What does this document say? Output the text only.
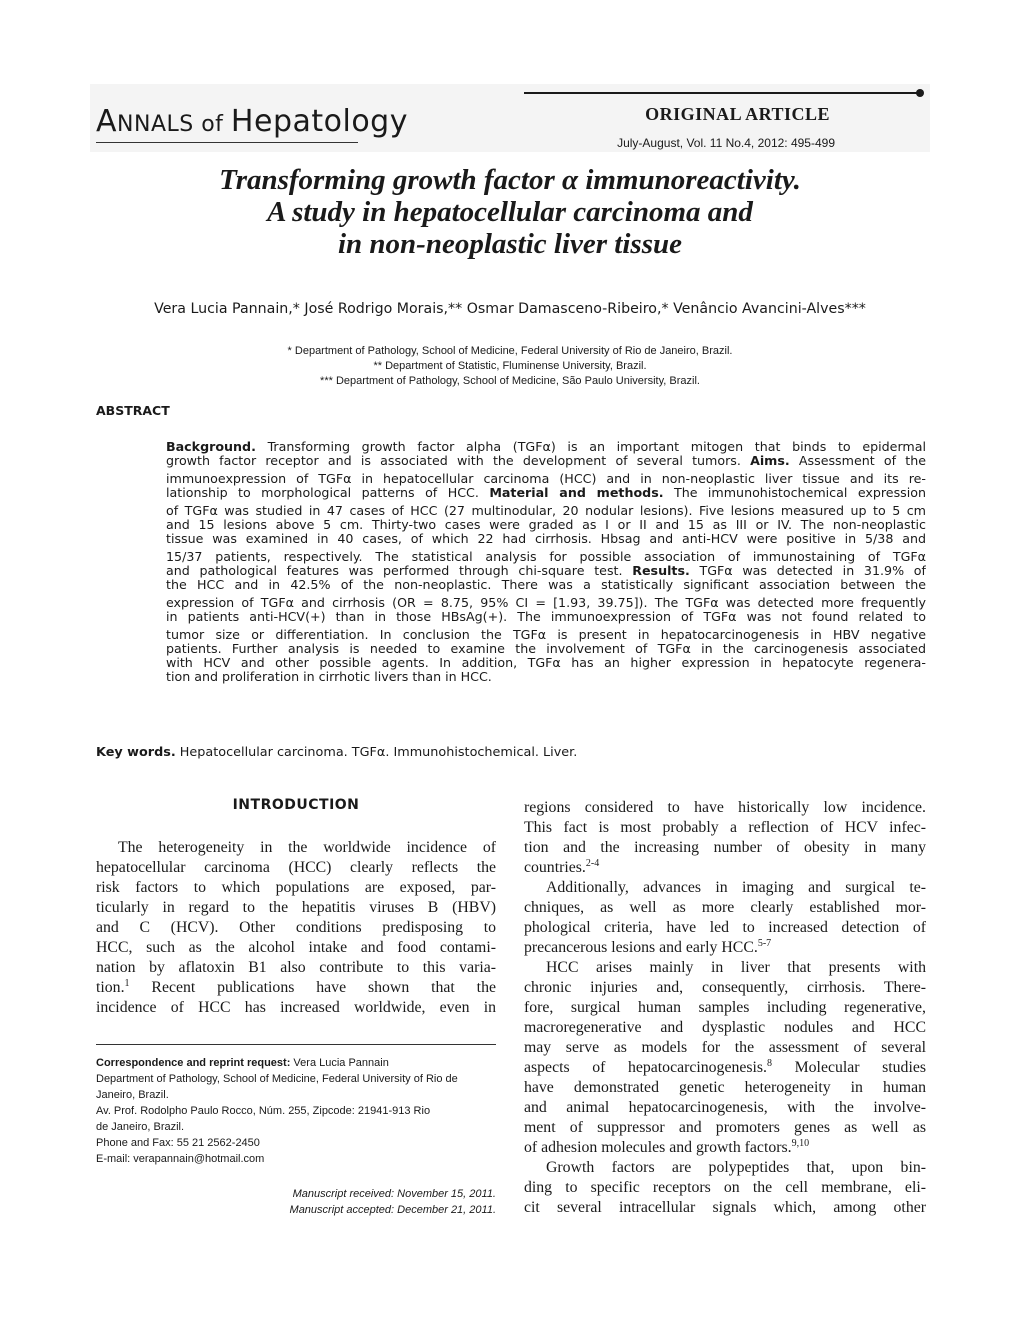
ANNALS of Hepatology	ORIGINAL ARTICLE
July-August, Vol. 11 No.4, 2012: 495-499
Transforming growth factor α immunoreactivity.
A study in hepatocellular carcinoma and
in non-neoplastic liver tissue
Vera Lucia Pannain,* José Rodrigo Morais,** Osmar Damasceno-Ribeiro,* Venâncio Avancini-Alves***
* Department of Pathology, School of Medicine, Federal University of Rio de Janeiro, Brazil.
** Department of Statistic, Fluminense University, Brazil.
*** Department of Pathology, School of Medicine, São Paulo University, Brazil.
ABSTRACT
Background. Transforming growth factor alpha (TGFα) is an important mitogen that binds to epidermal
growth factor receptor and is associated with the development of several tumors. Aims. Assessment of the
immunoexpression of TGFα in hepatocellular carcinoma (HCC) and in non-neoplastic liver tissue and its re-
lationship to morphological patterns of HCC. Material and methods. The immunohistochemical expression
of TGFα was studied in 47 cases of HCC (27 multinodular, 20 nodular lesions). Five lesions measured up to 5 cm
and 15 lesions above 5 cm. Thirty-two cases were graded as I or II and 15 as III or IV. The non-neoplastic
tissue was examined in 40 cases, of which 22 had cirrhosis. Hbsag and anti-HCV were positive in 5/38 and
15/37 patients, respectively. The statistical analysis for possible association of immunostaining of TGFα
and pathological features was performed through chi-square test. Results. TGFα was detected in 31.9% of
the HCC and in 42.5% of the non-neoplastic. There was a statistically significant association between the
expression of TGFα and cirrhosis (OR = 8.75, 95% CI = [1.93, 39.75]). The TGFα was detected more frequently
in patients anti-HCV(+) than in those HBsAg(+). The immunoexpression of TGFα was not found related to
tumor size or differentiation. In conclusion the TGFα is present in hepatocarcinogenesis in HBV negative
patients. Further analysis is needed to examine the involvement of TGFα in the carcinogenesis associated
with HCV and other possible agents. In addition, TGFα has an higher expression in hepatocyte regenera-
tion and proliferation in cirrhotic livers than in HCC.
Key words. Hepatocellular carcinoma. TGFα. Immunohistochemical. Liver.
INTRODUCTION
The heterogeneity in the worldwide incidence of
hepatocellular carcinoma (HCC) clearly reflects the
risk factors to which populations are exposed, par-
ticularly in regard to the hepatitis viruses B (HBV)
and C (HCV). Other conditions predisposing to
HCC, such as the alcohol intake and food contami-
nation by aflatoxin B1 also contribute to this varia-
tion.$^1$ Recent publications have shown that the
incidence of HCC has increased worldwide, even in
regions considered to have historically low incidence.
This fact is most probably a reflection of HCV infec-
tion and the increasing number of obesity in many
countries.$^{2-4}$
Additionally, advances in imaging and surgical te-
chniques, as well as more clearly established mor-
phological criteria, have led to increased detection of
precancerous lesions and early HCC.$^{5-7}$
HCC arises mainly in liver that presents with
chronic injuries and, consequently, cirrhosis. There-
fore, surgical human samples including regenerative,
macroregenerative and dysplastic nodules and HCC
may serve as models for the assessment of several
aspects of hepatocarcinogenesis.$^8$ Molecular studies
have demonstrated genetic heterogeneity in human
and animal hepatocarcinogenesis, with the involve-
ment of suppressor and promoters genes as well as
of adhesion molecules and growth factors.$^{9,10}$
Growth factors are polypeptides that, upon bin-
ding to specific receptors on the cell membrane, eli-
cit several intracellular signals which, among other
Correspondence and reprint request: Vera Lucia Pannain
Department of Pathology, School of Medicine, Federal University of Rio de
Janeiro, Brazil.
Av. Prof. Rodolpho Paulo Rocco, Núm. 255, Zipcode: 21941-913 Rio
de Janeiro, Brazil.
Phone and Fax: 55 21 2562-2450
E-mail: verapannain@hotmail.com
Manuscript received: November 15, 2011.
Manuscript accepted: December 21, 2011.
